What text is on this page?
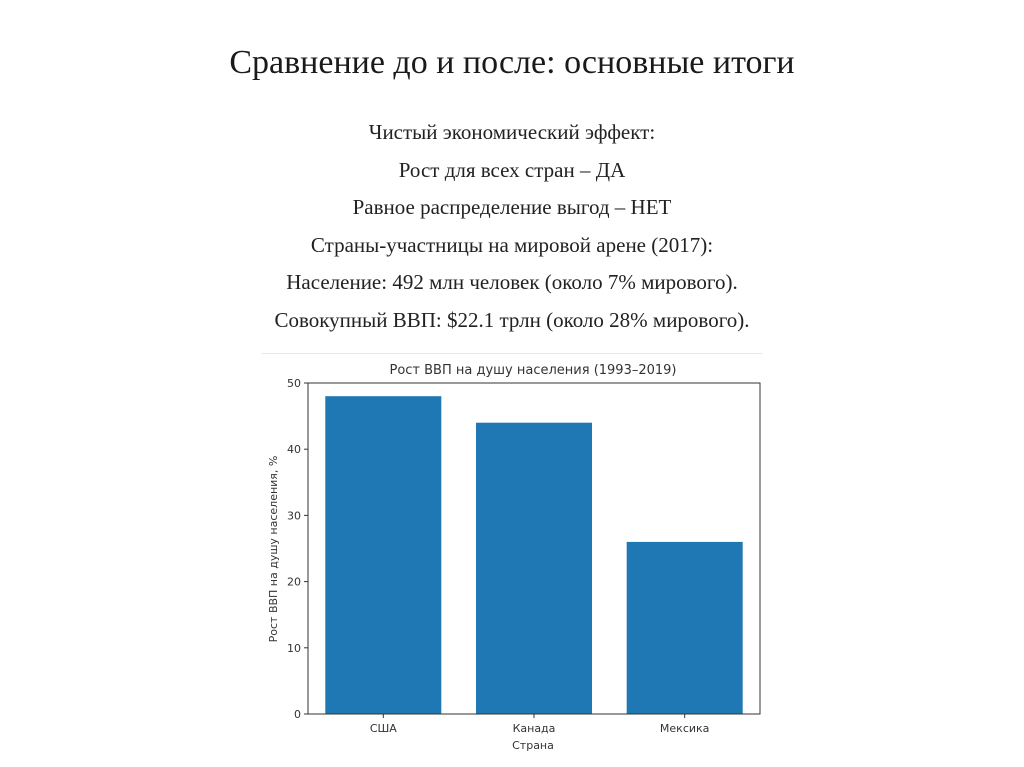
Сравнение до и после: основные итоги
Чистый экономический эффект:
Рост для всех стран – ДА
Равное распределение выгод – НЕТ
Страны-участницы на мировой арене (2017):
Население: 492 млн человек (около 7% мирового).
Совокупный ВВП: $22.1 трлн (около 28% мирового).
Рост ВВП на душу населения (1993–2019)
Рост ВВП на душу населения, %
Страна
США	Канада	Мексика
0
10
20
30
40
50
